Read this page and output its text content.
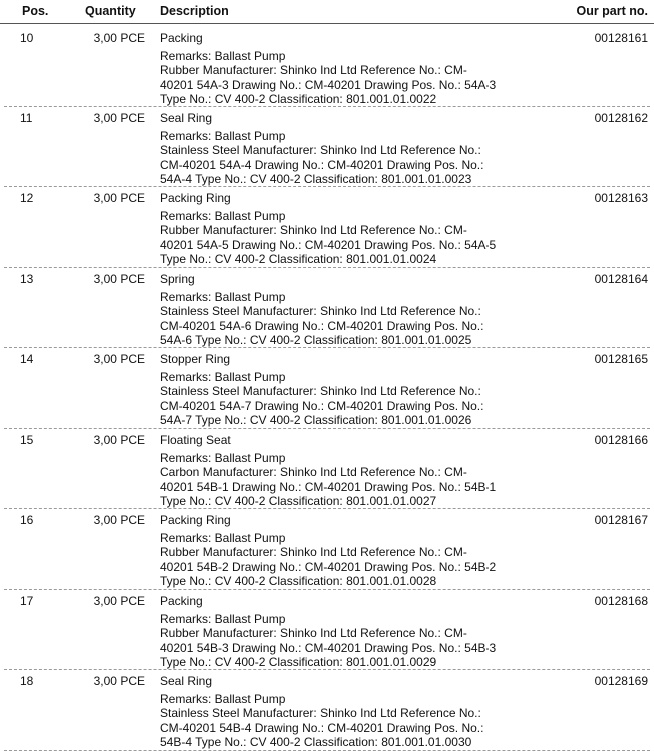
Pos.	Quantity Description	Our part no.
10	3,00 PCE Packing	00128161
Remarks: Ballast Pump
Rubber Manufacturer: Shinko Ind Ltd Reference No.: CM-40201 54A-3 Drawing No.: CM-40201 Drawing Pos. No.: 54A-3 Type No.: CV 400-2 Classification: 801.001.01.0022
11	3,00 PCE Seal Ring	00128162
Remarks: Ballast Pump
Stainless Steel Manufacturer: Shinko Ind Ltd Reference No.: CM-40201 54A-4 Drawing No.: CM-40201 Drawing Pos. No.: 54A-4 Type No.: CV 400-2 Classification: 801.001.01.0023
12	3,00 PCE Packing Ring	00128163
Remarks: Ballast Pump
Rubber Manufacturer: Shinko Ind Ltd Reference No.: CM-40201 54A-5 Drawing No.: CM-40201 Drawing Pos. No.: 54A-5 Type No.: CV 400-2 Classification: 801.001.01.0024
13	3,00 PCE Spring	00128164
Remarks: Ballast Pump
Stainless Steel Manufacturer: Shinko Ind Ltd Reference No.: CM-40201 54A-6 Drawing No.: CM-40201 Drawing Pos. No.: 54A-6 Type No.: CV 400-2 Classification: 801.001.01.0025
14	3,00 PCE Stopper Ring	00128165
Remarks: Ballast Pump
Stainless Steel Manufacturer: Shinko Ind Ltd Reference No.: CM-40201 54A-7 Drawing No.: CM-40201 Drawing Pos. No.: 54A-7 Type No.: CV 400-2 Classification: 801.001.01.0026
15	3,00 PCE Floating Seat	00128166
Remarks: Ballast Pump
Carbon Manufacturer: Shinko Ind Ltd Reference No.: CM-40201 54B-1 Drawing No.: CM-40201 Drawing Pos. No.: 54B-1 Type No.: CV 400-2 Classification: 801.001.01.0027
16	3,00 PCE Packing Ring	00128167
Remarks: Ballast Pump
Rubber Manufacturer: Shinko Ind Ltd Reference No.: CM-40201 54B-2 Drawing No.: CM-40201 Drawing Pos. No.: 54B-2 Type No.: CV 400-2 Classification: 801.001.01.0028
17	3,00 PCE Packing	00128168
Remarks: Ballast Pump
Rubber Manufacturer: Shinko Ind Ltd Reference No.: CM-40201 54B-3 Drawing No.: CM-40201 Drawing Pos. No.: 54B-3 Type No.: CV 400-2 Classification: 801.001.01.0029
18	3,00 PCE Seal Ring	00128169
Remarks: Ballast Pump
Stainless Steel Manufacturer: Shinko Ind Ltd Reference No.: CM-40201 54B-4 Drawing No.: CM-40201 Drawing Pos. No.: 54B-4 Type No.: CV 400-2 Classification: 801.001.01.0030
